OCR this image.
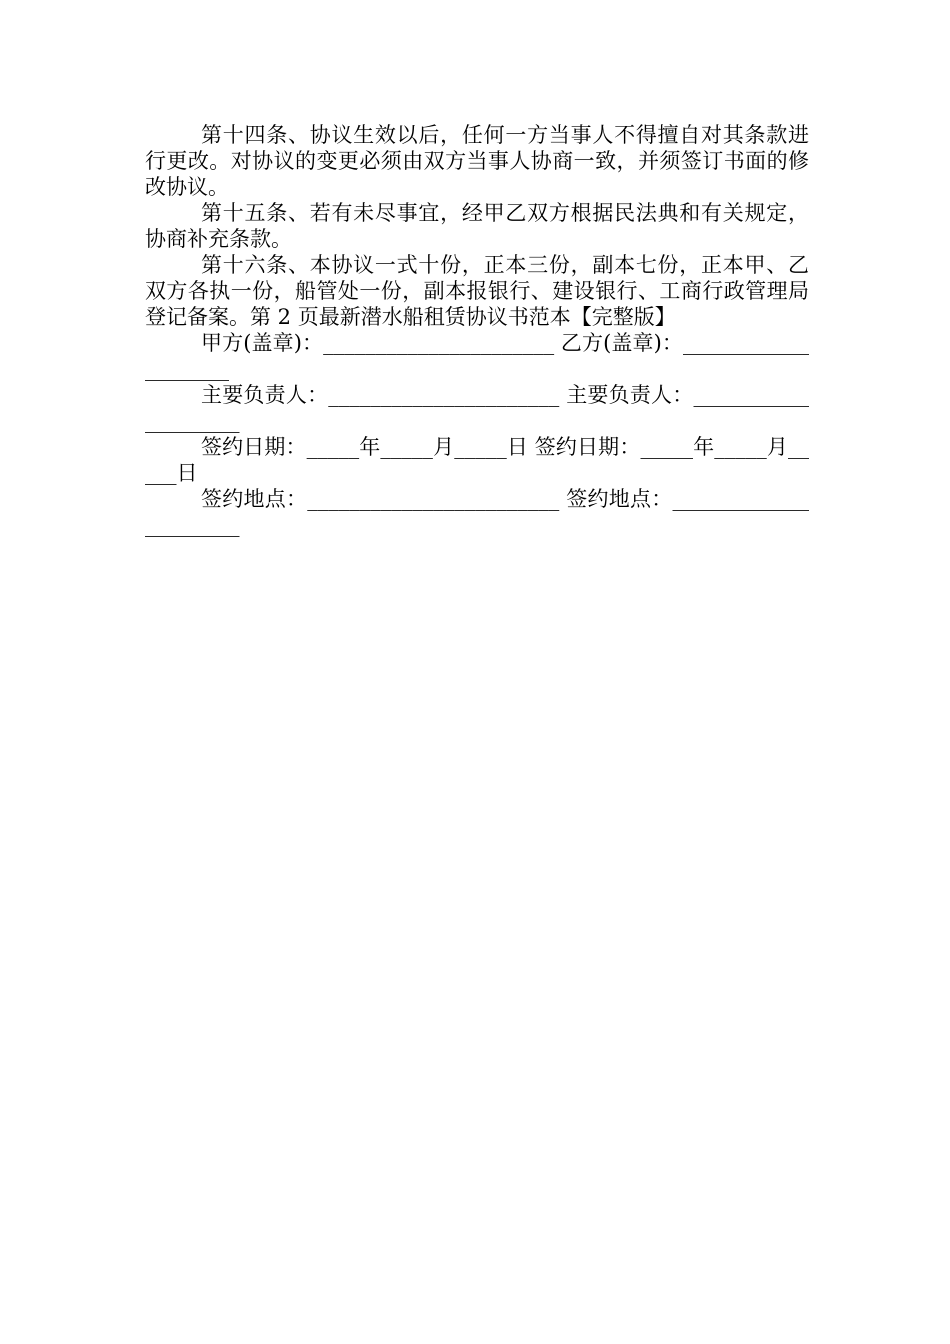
第十四条、协议生效以后，任何一方当事人不得擅自对其条款进行更改。对协议的变更必须由双方当事人协商一致，并须签订书面的修改协议。

第十五条、若有未尽事宜，经甲乙双方根据民法典和有关规定，协商补充条款。

第十六条、本协议一式十份，正本三份，副本七份，正本甲、乙双方各执一份，船管处一份，副本报银行、建设银行、工商行政管理局登记备案。第 2 页最新潜水船租赁协议书范本【完整版】

甲方(盖章)：______________________ 乙方(盖章)：____________________

主要负责人：______________________ 主要负责人：____________________

签约日期：_____年_____月_____日 签约日期：_____年_____月_____日

签约地点：________________________ 签约地点：______________________
